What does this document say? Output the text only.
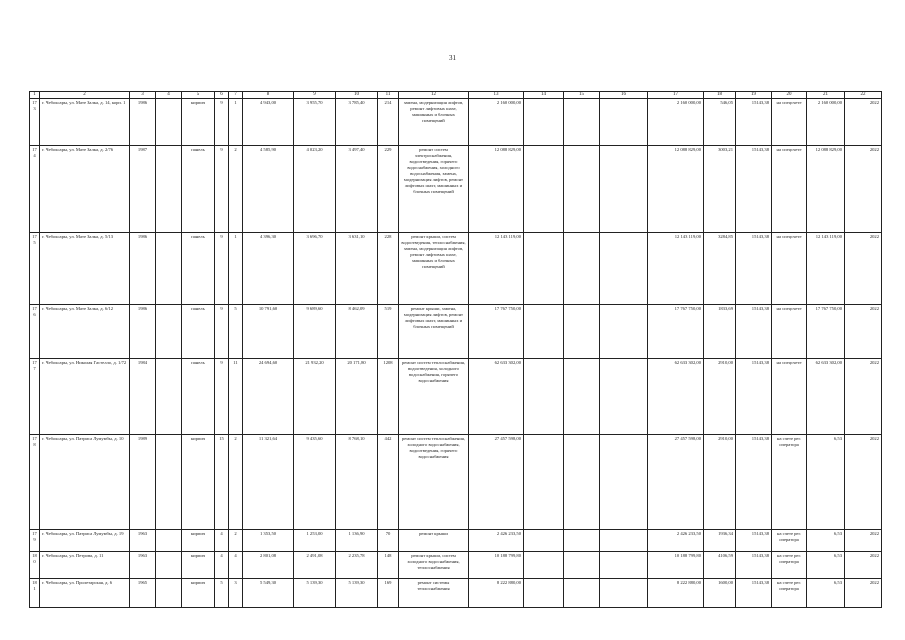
31
1	2	3	4	5	6	7	8	9	10	11	12	13	14	15	16	17	18	19	20	21	22
173	г. Чебоксары, ул. Мате Залка, д. 14, корп. 1	1986		кирпич	9	1	4 943,00	3 955,70	3 785,40	214	замена, модернизация лифтов, ремонт лифтовых шахт, машинных и блочных помещений	2 160 000,00				2 160 000,00	546,05	15143,38	на спецсчете	2 160 000,00	2022
174	г. Чебоксары, ул. Мате Залка, д. 2/76	1987		панель	9	2	4 585,90	4 023,20	3 497,40	229	ремонт систем электроснабжения, водоотведения, горячего водоснабжения, холодного водоснабжения, замена, модернизация лифтов, ремонт лифтовых шахт, машинных и блочных помещений	12 088 829,00				12 088 829,00	3003,21	15143,38	на спецсчете	12 088 829,00	2022
175	г. Чебоксары, ул. Мате Залка, д. 5/13	1986		панель	9	1	4 396,30	3 696,70	3 631,10	228	ремонт крыши, систем водоотведения, теплоснабжения, замена, модернизация лифтов, ремонт лифтовых шахт, машинных и блочных помещений	12 143 119,00				12 143 119,00	3284,85	15143,38	на спецсчете	12 143 119,00	2022
176	г. Чебоксары, ул. Мате Залка, д. 6/12	1986		панель	9	5	10 791,60	9 689,60	8 462,09	519	ремонт крыши, замена, модернизация лифтов, ремонт лифтовых шахт, машинных и блочных помещений	17 767 750,00				17 767 750,00	1833,69	15143,38	на спецсчете	17 767 750,00	2022
177	г. Чебоксары, ул. Николая Гастелло, д. 1/72	1984		панель	9	11	24 694,60	21 932,20	20 171,80	1208	ремонт систем теплоснабжения, водоотведения, холодного водоснабжения, горячего водоснабжения	62 633 302,00				62 633 302,00	2910,00	15143,38	на спецсчете	62 633 302,00	2022
178	г. Чебоксары, ул. Патриса Лумумбы, д. 10	1989		кирпич	15	2	11 321,64	9 435,60	8 768,10	442	ремонт систем теплоснабжения, холодного водоснабжения, водоотведения, горячего водоснабжения	27 457 598,00				27 457 598,00	2910,00	15143,38	на счете рег. оператора	6,53	2022
179	г. Чебоксары, ул. Патриса Лумумбы, д. 19	1963		кирпич	4	2	1 353,50	1 253,00	1 136,90	70	ремонт крыши	2 426 233,50				2 426 233,50	1936,34	15143,38	на счете рег. оператора	6,53	2022
180	г. Чебоксары, ул. Петрова, д. 11	1963		кирпич	4	4	2 801,08	2 491,08	2 235,78	148	ремонт крыши, систем холодного водоснабжения, теплоснабжения	10 188 799,80				10 188 799,80	4106,59	15143,38	на счете рег. оператора	6,53	2022
181	г. Чебоксары, ул. Пролетарская, д. 6	1965		кирпич	5	3	5 549,30	5 139,30	5 139,30	169	ремонт системы теплоснабжения	8 222 880,00				8 222 880,00	1600,00	15143,38	на счете рег. оператора	6,53	2022
